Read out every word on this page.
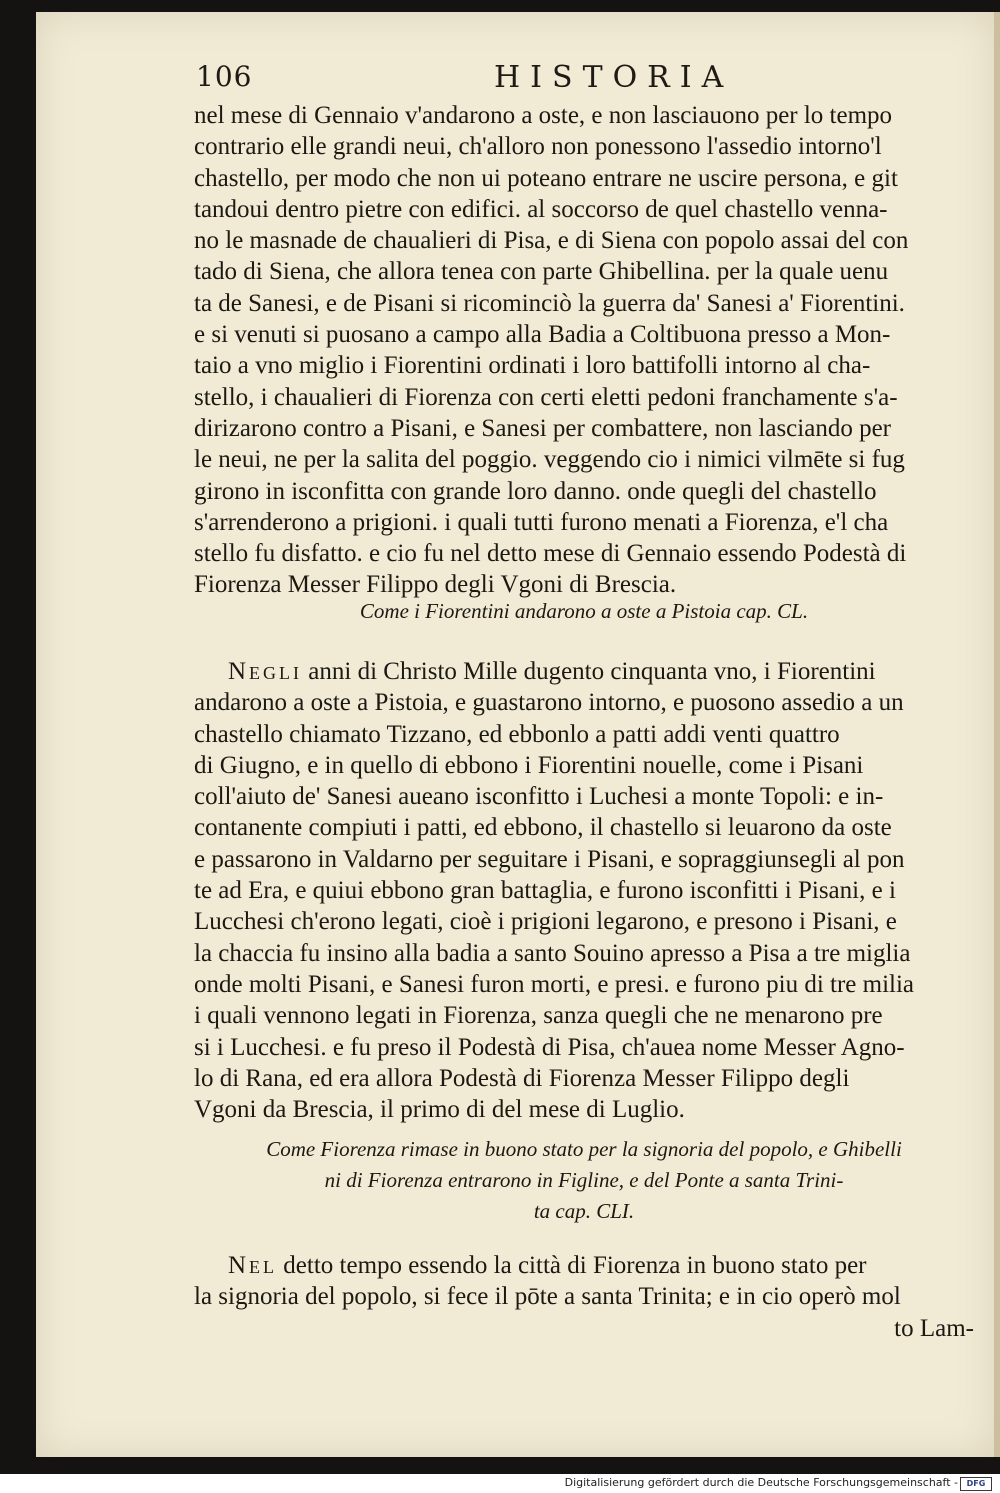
106	HISTORIA
nel mese di Gennaio v'andarono a oste, e non lasciauono per lo tempo
contrario elle grandi neui, ch'alloro non ponessono l'assedio intorno'l
chastello, per modo che non ui poteano entrare ne uscire persona, e git
tandoui dentro pietre con edifici. al soccorso de quel chastello venna-
no le masnade de chaualieri di Pisa, e di Siena con popolo assai del con
tado di Siena, che allora tenea con parte Ghibellina. per la quale uenu
ta de Sanesi, e de Pisani si ricominciò la guerra da' Sanesi a' Fiorentini.
e si venuti si puosano a campo alla Badia a Coltibuona presso a Mon-
taio a vno miglio i Fiorentini ordinati i loro battifolli intorno al cha-
stello, i chaualieri di Fiorenza con certi eletti pedoni franchamente s'a-
dirizarono contro a Pisani, e Sanesi per combattere, non lasciando per
le neui, ne per la salita del poggio. veggendo cio i nimici vilmēte si fug
girono in isconfitta con grande loro danno. onde quegli del chastello
s'arrenderono a prigioni. i quali tutti furono menati a Fiorenza, e'l cha
stello fu disfatto. e cio fu nel detto mese di Gennaio essendo Podestà di
Fiorenza Messer Filippo degli Vgoni di Brescia.
Come i Fiorentini andarono a oste a Pistoia cap. CL.
Negli anni di Christo Mille dugento cinquanta vno, i Fiorentini
andarono a oste a Pistoia, e guastarono intorno, e puosono assedio a un
chastello chiamato Tizzano, ed ebbonlo a patti addi venti quattro
di Giugno, e in quello di ebbono i Fiorentini nouelle, come i Pisani
coll'aiuto de' Sanesi aueano isconfitto i Luchesi a monte Topoli: e in-
contanente compiuti i patti, ed ebbono, il chastello si leuarono da oste
e passarono in Valdarno per seguitare i Pisani, e sopraggiunsegli al pon
te ad Era, e quiui ebbono gran battaglia, e furono isconfitti i Pisani, e i
Lucchesi ch'erono legati, cioè i prigioni legarono, e presono i Pisani, e
la chaccia fu insino alla badia a santo Souino apresso a Pisa a tre miglia
onde molti Pisani, e Sanesi furon morti, e presi. e furono piu di tre milia
i quali vennono legati in Fiorenza, sanza quegli che ne menarono pre
si i Lucchesi. e fu preso il Podestà di Pisa, ch'auea nome Messer Agno-
lo di Rana, ed era allora Podestà di Fiorenza Messer Filippo degli
Vgoni da Brescia, il primo di del mese di Luglio.
Come Fiorenza rimase in buono stato per la signoria del popolo, e Ghibelli
ni di Fiorenza entrarono in Figline, e del Ponte a santa Trini-
ta cap. CLI.
Nel detto tempo essendo la città di Fiorenza in buono stato per
la signoria del popolo, si fece il pōte a santa Trinita; e in cio operò mol
to Lam-
Digitalisierung gefördert durch die Deutsche Forschungsgemeinschaft -	DFG
